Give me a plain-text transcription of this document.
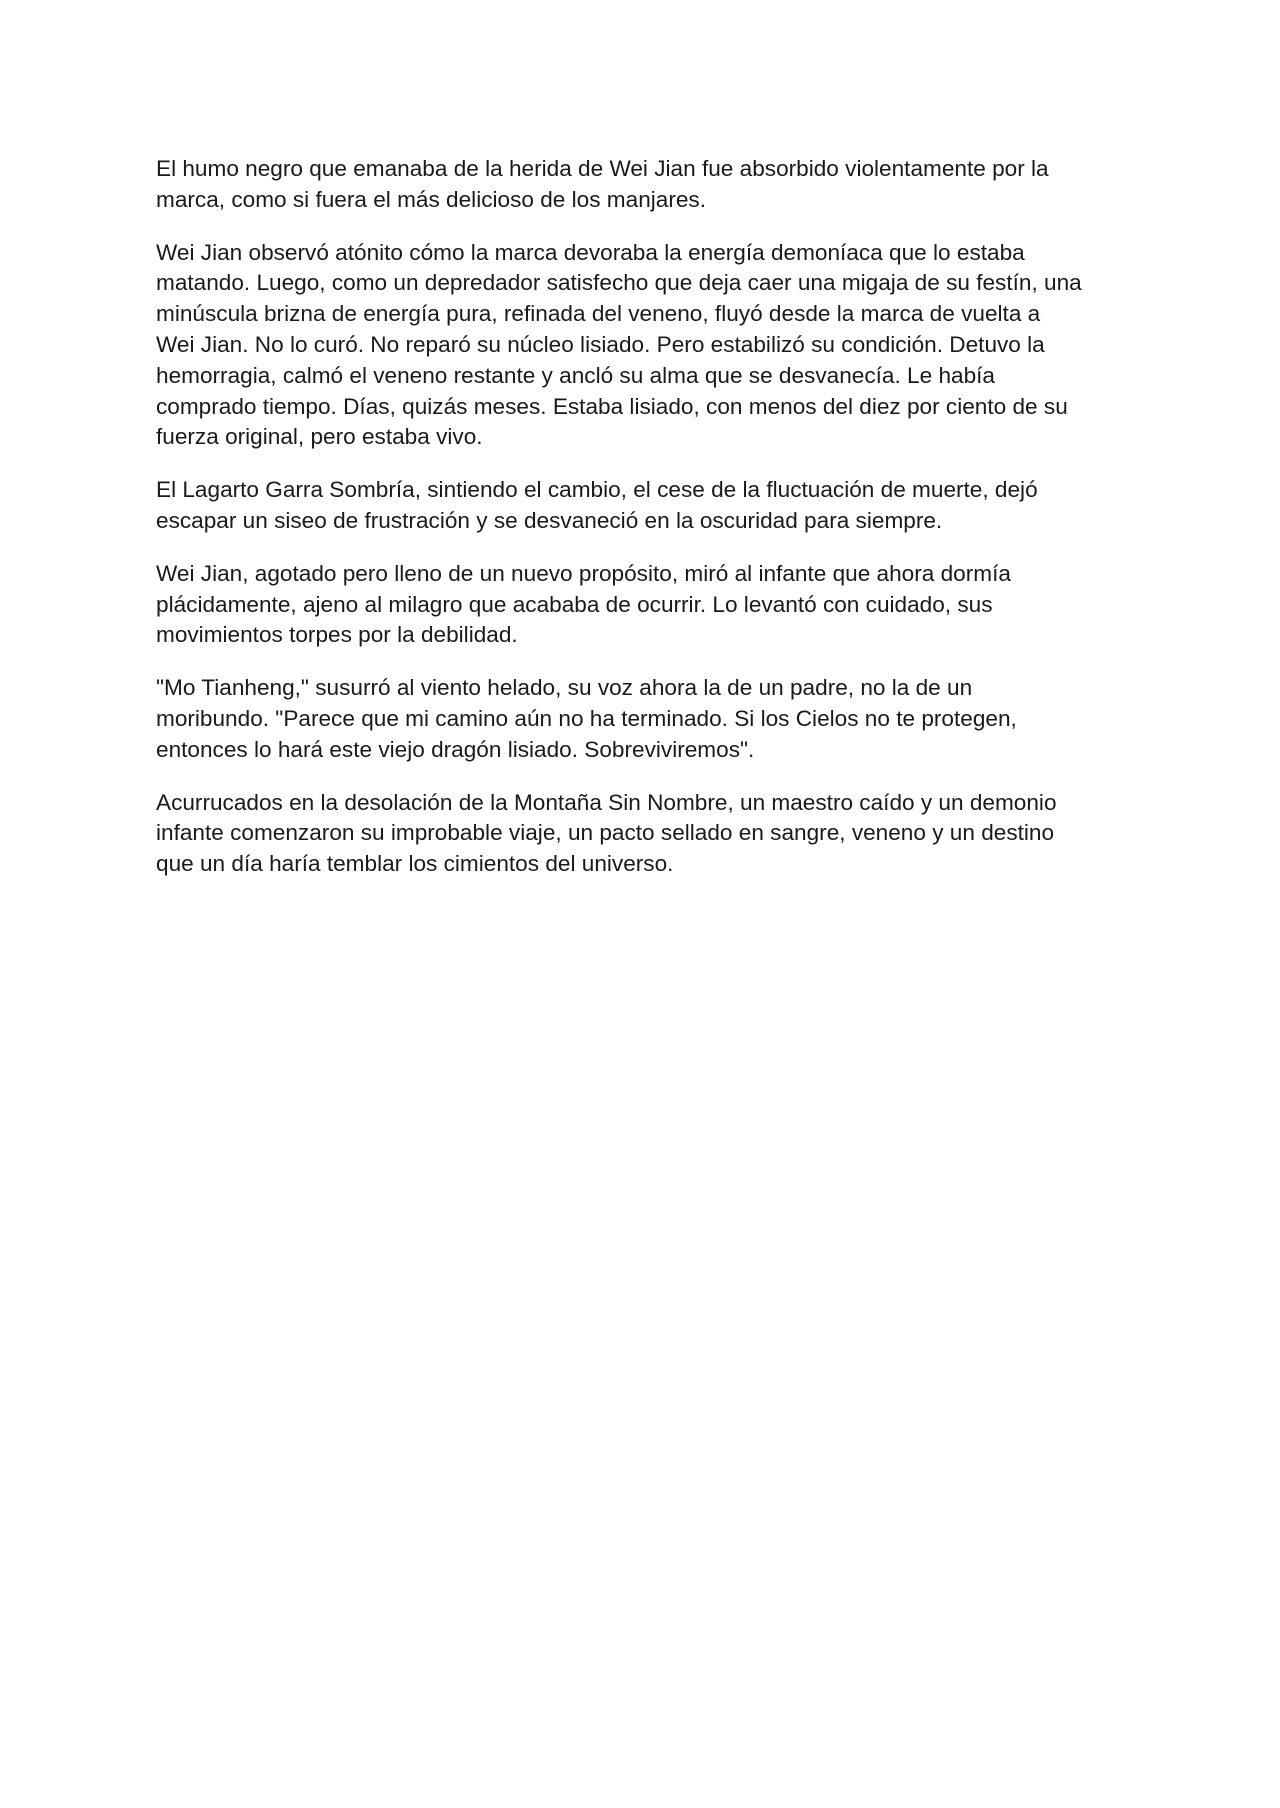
El humo negro que emanaba de la herida de Wei Jian fue absorbido violentamente por la
marca, como si fuera el más delicioso de los manjares.

Wei Jian observó atónito cómo la marca devoraba la energía demoníaca que lo estaba
matando. Luego, como un depredador satisfecho que deja caer una migaja de su festín, una
minúscula brizna de energía pura, refinada del veneno, fluyó desde la marca de vuelta a
Wei Jian. No lo curó. No reparó su núcleo lisiado. Pero estabilizó su condición. Detuvo la
hemorragia, calmó el veneno restante y ancló su alma que se desvanecía. Le había
comprado tiempo. Días, quizás meses. Estaba lisiado, con menos del diez por ciento de su
fuerza original, pero estaba vivo.

El Lagarto Garra Sombría, sintiendo el cambio, el cese de la fluctuación de muerte, dejó
escapar un siseo de frustración y se desvaneció en la oscuridad para siempre.

Wei Jian, agotado pero lleno de un nuevo propósito, miró al infante que ahora dormía
plácidamente, ajeno al milagro que acababa de ocurrir. Lo levantó con cuidado, sus
movimientos torpes por la debilidad.

"Mo Tianheng," susurró al viento helado, su voz ahora la de un padre, no la de un
moribundo. "Parece que mi camino aún no ha terminado. Si los Cielos no te protegen,
entonces lo hará este viejo dragón lisiado. Sobreviviremos".

Acurrucados en la desolación de la Montaña Sin Nombre, un maestro caído y un demonio
infante comenzaron su improbable viaje, un pacto sellado en sangre, veneno y un destino
que un día haría temblar los cimientos del universo.
